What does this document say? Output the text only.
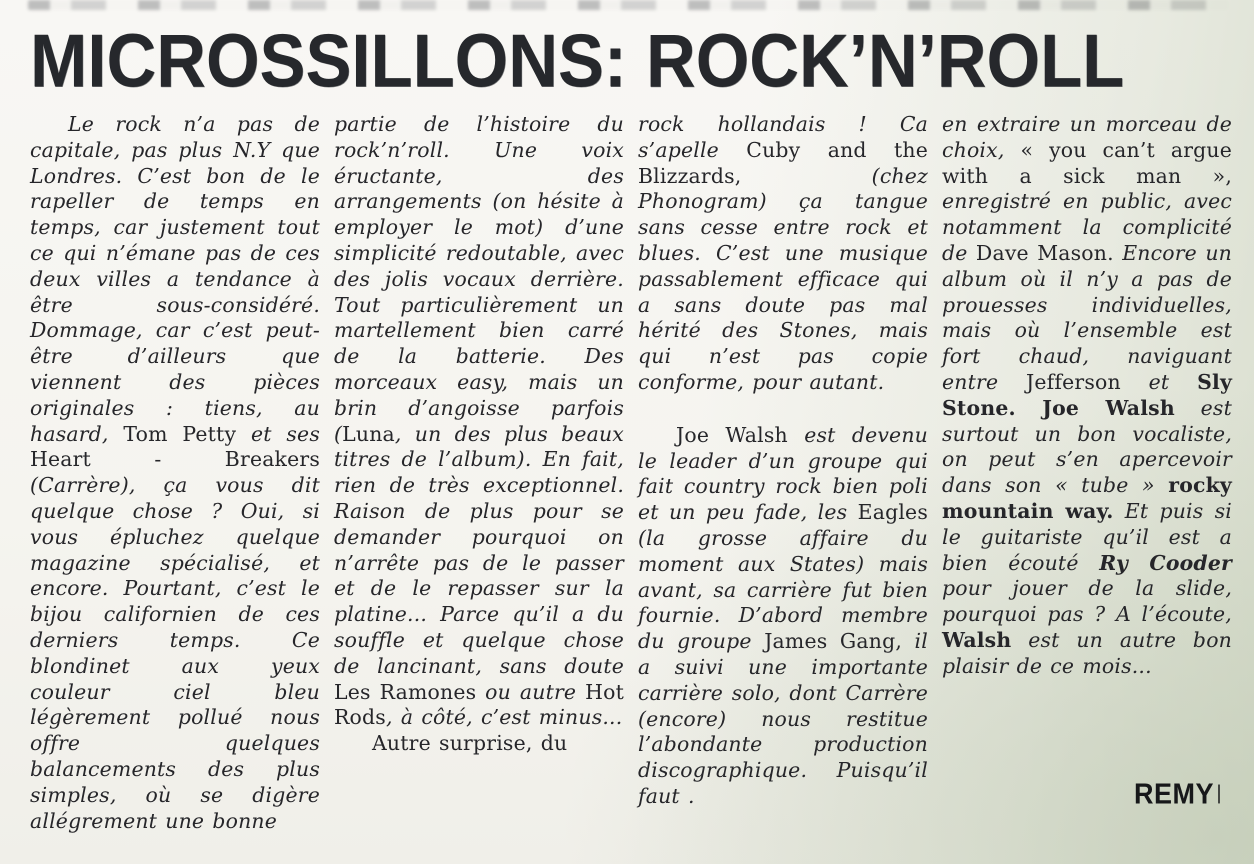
MICROSSILLONS: ROCK’N’ROLL

Le rock n’a pas de capitale, pas plus N.Y que Londres. C’est bon de le rapeller de temps en temps, car justement tout ce qui n’émane pas de ces deux villes a tendance à être sous-considéré. Dommage, car c’est peut-être d’ailleurs que viennent des pièces originales : tiens, au hasard, Tom Petty et ses Heart - Breakers (Carrère), ça vous dit quelque chose ? Oui, si vous épluchez quelque magazine spécialisé, et encore. Pourtant, c’est le bijou californien de ces derniers temps. Ce blondinet aux yeux couleur ciel bleu légèrement pollué nous offre quelques balancements des plus simples, où se digère allégrement une bonne

partie de l’histoire du rock’n’roll. Une voix éructante, des arrangements (on hésite à employer le mot) d’une simplicité redoutable, avec des jolis vocaux derrière. Tout particulièrement un martellement bien carré de la batterie. Des morceaux easy, mais un brin d’angoisse parfois (Luna, un des plus beaux titres de l’album). En fait, rien de très exceptionnel. Raison de plus pour se demander pourquoi on n’arrête pas de le passer et de le repasser sur la platine... Parce qu’il a du souffle et quelque chose de lancinant, sans doute Les Ramones ou autre Hot Rods, à côté, c’est minus...

Autre surprise, du

rock hollandais ! Ca s’apelle Cuby and the Blizzards, (chez Phonogram) ça tangue sans cesse entre rock et blues. C’est une musique passablement efficace qui a sans doute pas mal hérité des Stones, mais qui n’est pas copie conforme, pour autant.

Joe Walsh est devenu le leader d’un groupe qui fait country rock bien poli et un peu fade, les Eagles (la grosse affaire du moment aux States) mais avant, sa carrière fut bien fournie. D’abord membre du groupe James Gang, il a suivi une importante carrière solo, dont Carrère (encore) nous restitue l’abondante production discographique. Puisqu’il faut .

en extraire un morceau de choix, « you can’t argue with a sick man », enregistré en public, avec notamment la complicité de Dave Mason. Encore un album où il n’y a pas de prouesses individuelles, mais où l’ensemble est fort chaud, naviguant entre Jefferson et Sly Stone. Joe Walsh est surtout un bon vocaliste, on peut s’en apercevoir dans son « tube » rocky mountain way. Et puis si le guitariste qu’il est a bien écouté Ry Cooder pour jouer de la slide, pourquoi pas ? A l’écoute, Walsh est un autre bon plaisir de ce mois...

REMY
